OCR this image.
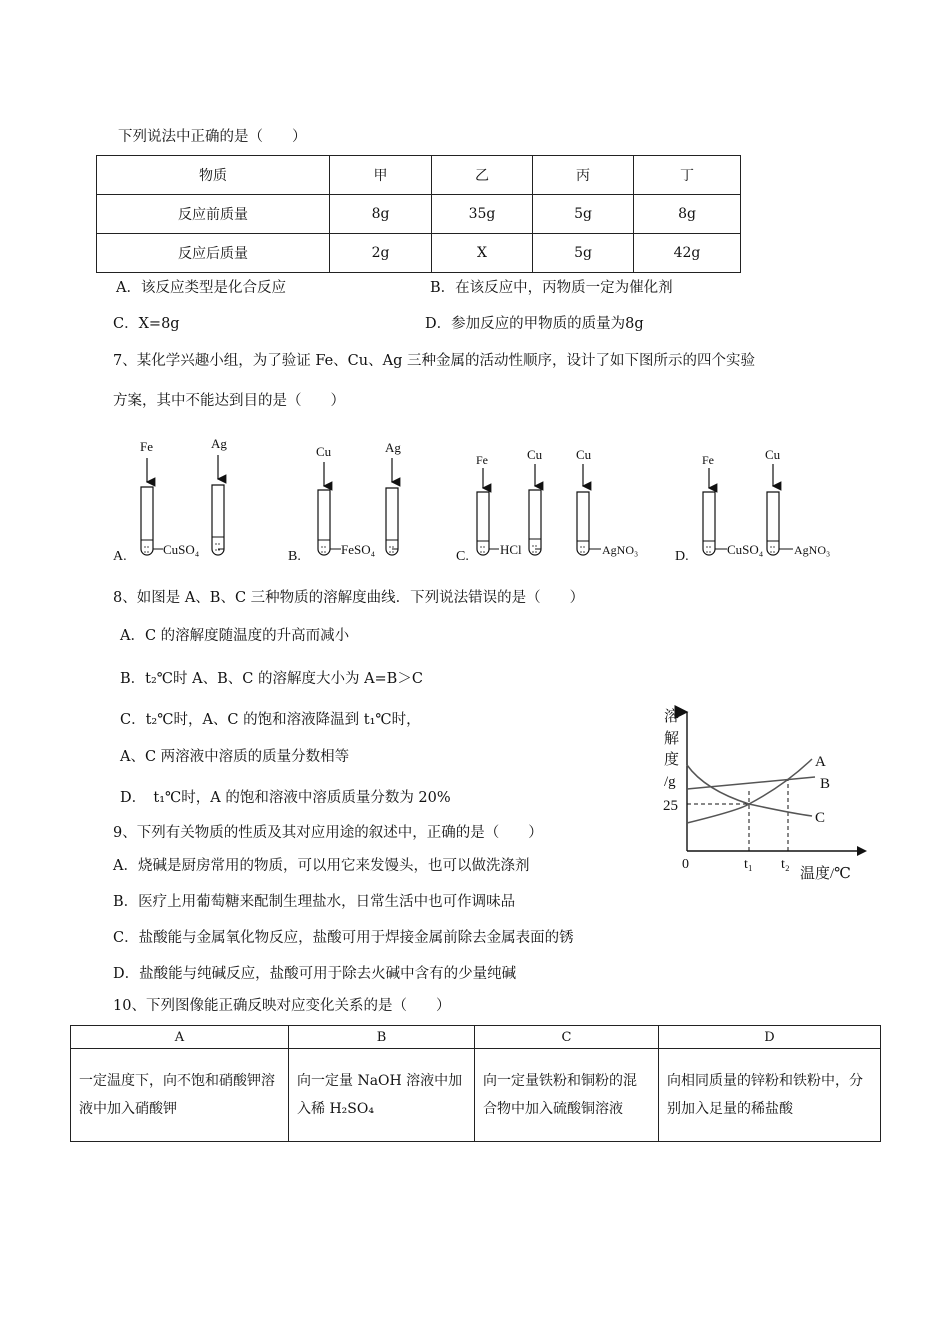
下列说法中正确的是（　　）
物质	甲	乙	丙	丁
反应前质量	8g	35g	5g	8g
反应后质量	2g	X	5g	42g
A．该反应类型是化合反应	B．在该反应中，丙物质一定为催化剂
C．X=8g	D．参加反应的甲物质的质量为8g
7、某化学兴趣小组，为了验证 Fe、Cu、Ag 三种金属的活动性顺序，设计了如下图所示的四个实验
方案，其中不能达到目的是（　　）
A.
Fe	Ag
CuSO₄	B.
Cu	Ag
FeSO₄	C.
Fe	Cu	Cu
HCl	AgNO₃	D.
Fe	Cu
CuSO₄	AgNO₃
25
0	t₁ t₂
温度/℃
A
B
C
溶解度/g
8、如图是 A、B、C 三种物质的溶解度曲线．下列说法错误的是（　　）
A．C 的溶解度随温度的升高而减小
B．t₂℃时 A、B、C 的溶解度大小为 A=B＞C
C．t₂℃时，A、C 的饱和溶液降温到 t₁℃时，
A、C 两溶液中溶质的质量分数相等
D．　t₁℃时，A 的饱和溶液中溶质质量分数为 20%
9、下列有关物质的性质及其对应用途的叙述中，正确的是（　　）
A．烧碱是厨房常用的物质，可以用它来发馒头，也可以做洗涤剂
B．医疗上用葡萄糖来配制生理盐水，日常生活中也可作调味品
C．盐酸能与金属氧化物反应，盐酸可用于焊接金属前除去金属表面的锈
D．盐酸能与纯碱反应，盐酸可用于除去火碱中含有的少量纯碱
10、下列图像能正确反映对应变化关系的是（　　）
A	B	C	D
一定温度下，向不饱和硝酸钾溶液中加入硝酸钾	向一定量 NaOH 溶液中加入稀 H₂SO₄	向一定量铁粉和铜粉的混合物中加入硫酸铜溶液	向相同质量的锌粉和铁粉中，分别加入足量的稀盐酸
